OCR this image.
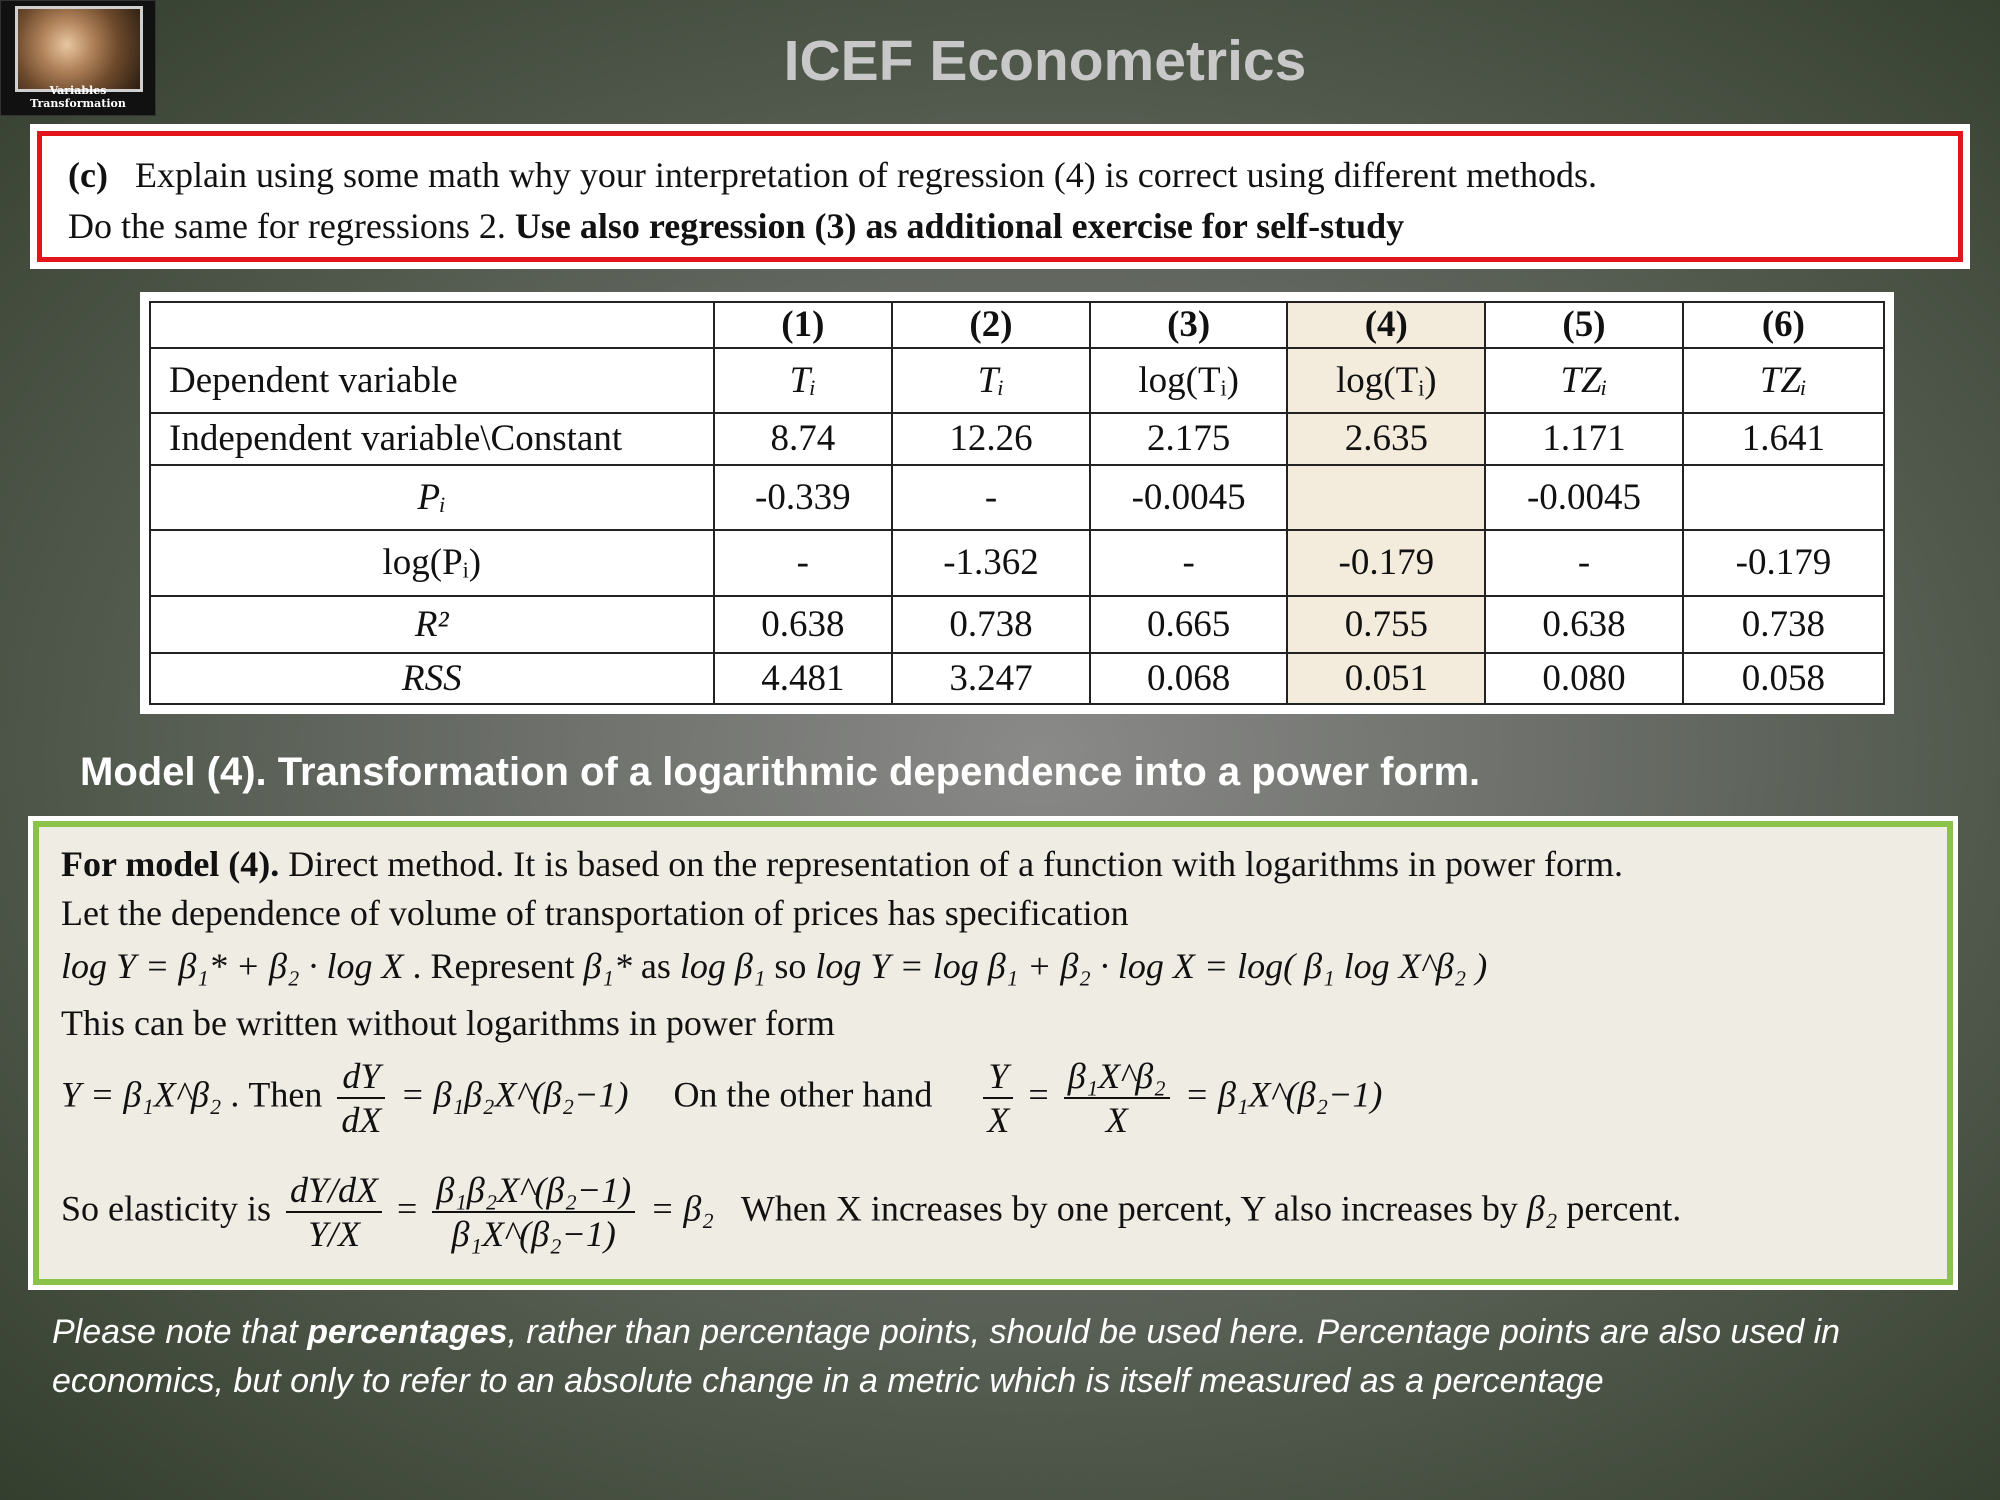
Variables Transformation
ICEF Econometrics
(c) Explain using some math why your interpretation of regression (4) is correct using different methods.
Do the same for regressions 2. Use also regression (3) as additional exercise for self-study
	(1)	(2)	(3)	(4)	(5)	(6)
Dependent variable	Tᵢ	Tᵢ	log(Tᵢ)	log(Tᵢ)	TZᵢ	TZᵢ
Independent variable\Constant	8.74	12.26	2.175	2.635	1.171	1.641
Pᵢ	-0.339	-	-0.0045		-0.0045	
log(Pᵢ)	-	-1.362	-	-0.179	-	-0.179
R²	0.638	0.738	0.665	0.755	0.638	0.738
RSS	4.481	3.247	0.068	0.051	0.080	0.058
Model (4). Transformation of a logarithmic dependence into a power form.
For model (4). Direct method. It is based on the representation of a function with logarithms in power form.
Let the dependence of volume of transportation of prices has specification
log Y = β₁* + β₂ · log X . Represent β₁* as log β₁ so log Y = log β₁ + β₂ · log X = log( β₁ log X^β₂ )
This can be written without logarithms in power form
Y = β₁X^β₂ . Then $\frac{dY}{dX}$ = β₁β₂X^(β₂−1) On the other hand $\frac{Y}{X} = \frac{\text{β₁X\textasciicircum{}β₂}}{X}$ = β₁X^(β₂−1)
So elasticity is $\frac{dY/dX}{Y/X} = \frac{\text{β₁β₂X\textasciicircum{}(β₂−1)}}{\text{β₁X\textasciicircum{}(β₂−1)}} = \beta_2$ When X increases by one percent, Y also increases by β₂ percent.
Please note that percentages, rather than percentage points, should be used here. Percentage points are also used in economics, but only to refer to an absolute change in a metric which is itself measured as a percentage
